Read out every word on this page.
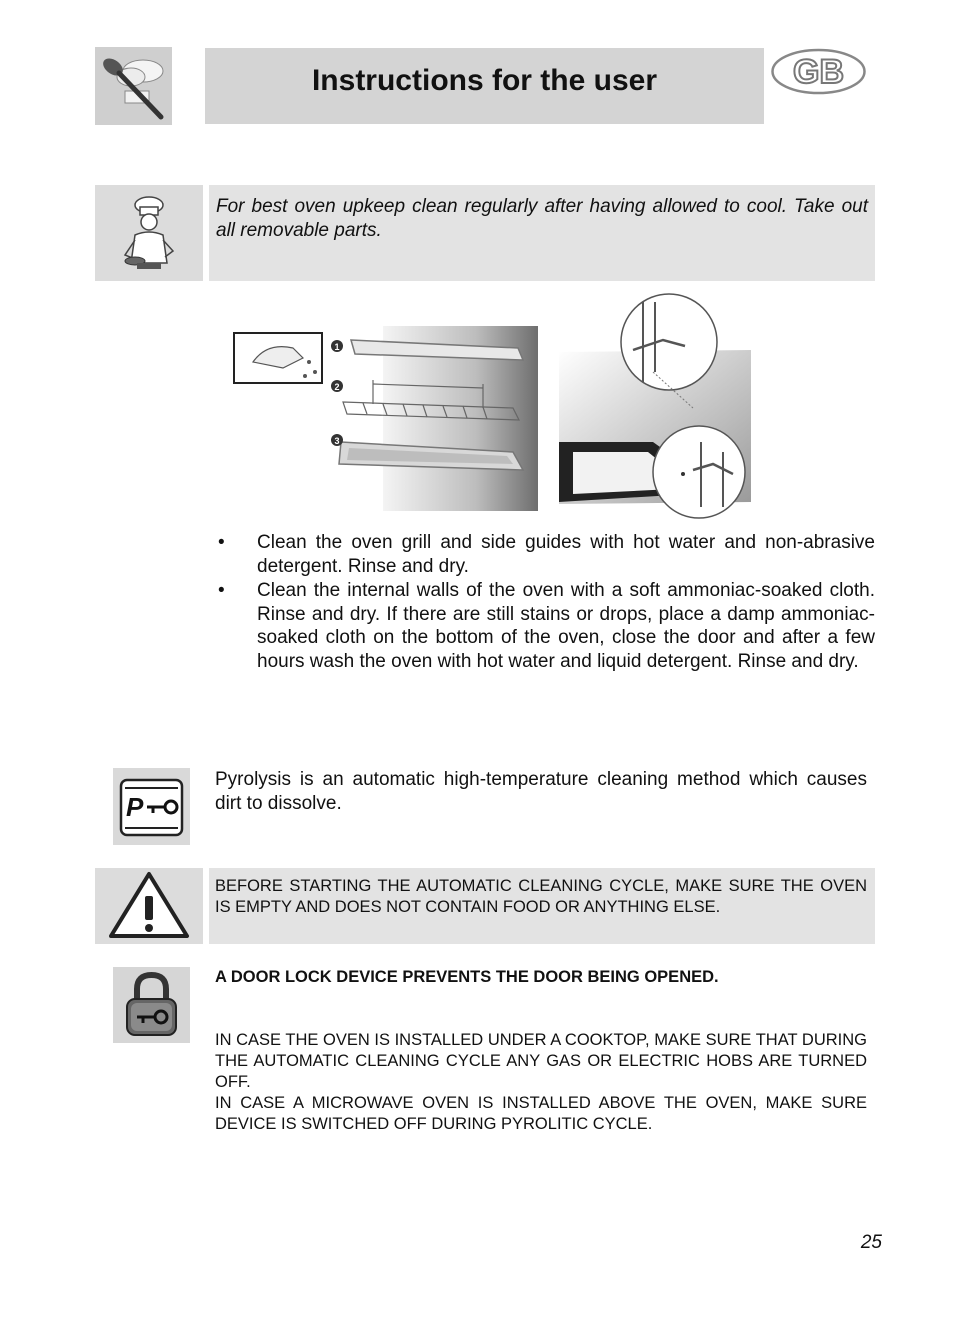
Instructions for the user	GB
For best oven upkeep clean regularly after having allowed to cool. Take out all removable parts.
1
2
3
• Clean the oven grill and side guides with hot water and non-abrasive detergent. Rinse and dry.
• Clean the internal walls of the oven with a soft ammoniac-soaked cloth. Rinse and dry. If there are still stains or drops, place a damp ammoniac-soaked cloth on the bottom of the oven, close the door and after a few hours wash the oven with hot water and liquid detergent. Rinse and dry.
P
Pyrolysis is an automatic high-temperature cleaning method which causes dirt to dissolve.
BEFORE STARTING THE AUTOMATIC CLEANING CYCLE, MAKE SURE THE OVEN IS EMPTY AND DOES NOT CONTAIN FOOD OR ANYTHING ELSE.
A DOOR LOCK DEVICE PREVENTS THE DOOR BEING OPENED.

IN CASE THE OVEN IS INSTALLED UNDER A COOKTOP, MAKE SURE THAT DURING THE AUTOMATIC CLEANING CYCLE ANY GAS OR ELECTRIC HOBS ARE TURNED OFF.

IN CASE A MICROWAVE OVEN IS INSTALLED ABOVE THE OVEN, MAKE SURE DEVICE IS SWITCHED OFF DURING PYROLITIC CYCLE.

25
